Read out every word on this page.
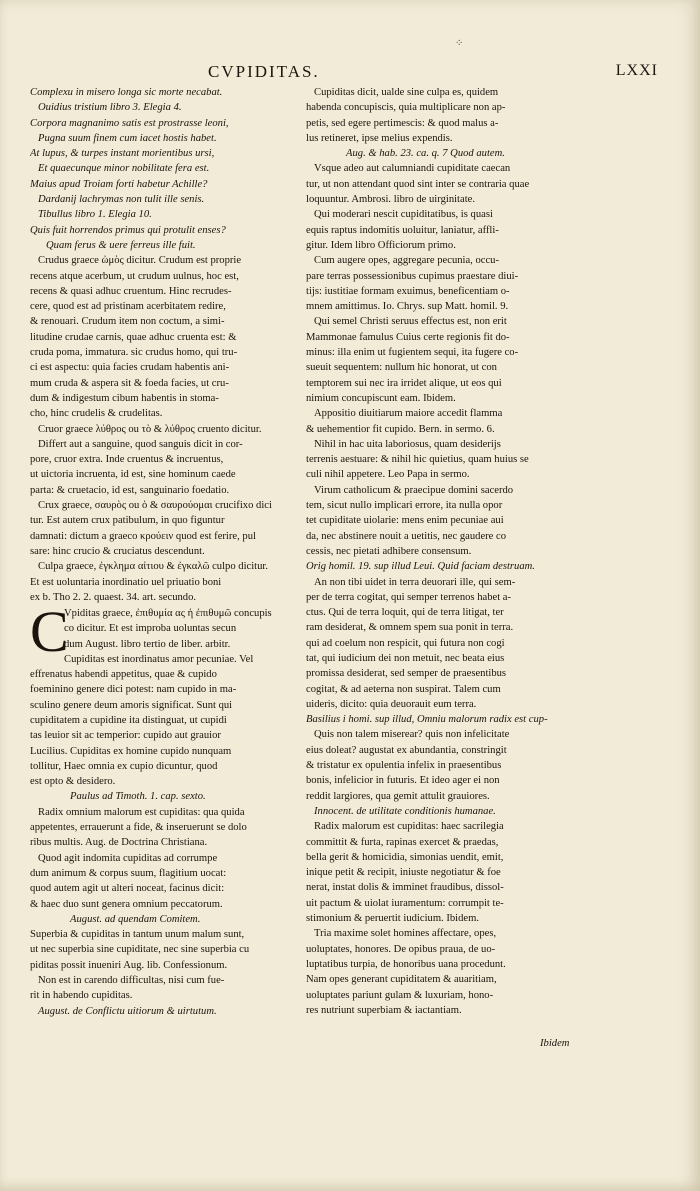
⁘
CVPIDITAS.	LXXI
Complexu in misero longa sic morte necabat.
Ouidius tristium libro 3. Elegia 4.
Corpora magnanimo satis est prostrasse leoni,
Pugna suum finem cum iacet hostis habet.
At lupus, & turpes instant morientibus ursi,
Et quaecunque minor nobilitate fera est.
Maius apud Troiam forti habetur Achille?
Dardanij lachrymas non tulit ille senis.
Tibullus libro 1. Elegia 10.
Quis fuit horrendos primus qui protulit enses?
Quam ferus & uere ferreus ille fuit.
Crudus graece ὠμὸς dicitur. Crudum est proprie
recens atque acerbum, ut crudum uulnus, hoc est,
recens & quasi adhuc cruentum. Hinc recrudes-
cere, quod est ad pristinam acerbitatem redire,
& renouari. Crudum item non coctum, a simi-
litudine crudae carnis, quae adhuc cruenta est: &
cruda poma, immatura. sic crudus homo, qui tru-
ci est aspectu: quia facies crudam habentis ani-
mum cruda & aspera sit & foeda facies, ut cru-
dum & indigestum cibum habentis in stoma-
cho, hinc crudelis & crudelitas.
Cruor graece λύθρος ou τὸ & λύθρος cruento dicitur.
Differt aut a sanguine, quod sanguis dicit in cor-
pore, cruor extra. Inde cruentus & incruentus,
ut uictoria incruenta, id est, sine hominum caede
parta: & cruetacio, id est, sanguinario foedatio.
Crux graece, σαυρὸς ou ὁ & σαυρούομαι crucifixo dici
tur. Est autem crux patibulum, in quo figuntur
damnati: dictum a graeco κρούειν quod est ferire, pul
sare: hinc crucio & cruciatus descendunt.
Culpa graece, ἐγκλημα αἰτιου & ἐγκαλῶ culpo dicitur.
Et est uoluntaria inordinatio uel priuatio boni
ex b. Tho 2. 2. quaest. 34. art. secundo.
C
Vpiditas graece, ἐπιθυμία ας ἡ ἐπιθυμῶ concupis
co dicitur. Et est improba uoluntas secun
dum August. libro tertio de liber. arbitr.
Cupiditas est inordinatus amor pecuniae. Vel
effrenatus habendi appetitus, quae & cupido
foeminino genere dici potest: nam cupido in ma-
sculino genere deum amoris significat. Sunt qui
cupiditatem a cupidine ita distinguat, ut cupidi
tas leuior sit ac temperior: cupido aut grauior
Lucilius. Cupiditas ex homine cupido nunquam
tollitur, Haec omnia ex cupio dicuntur, quod
est opto & desidero.
Paulus ad Timoth. 1. cap. sexto.
Radix omnium malorum est cupiditas: qua quida
appetentes, errauerunt a fide, & inseruerunt se dolo
ribus multis. Aug. de Doctrina Christiana.
Quod agit indomita cupiditas ad corrumpe
dum animum & corpus suum, flagitium uocat:
quod autem agit ut alteri noceat, facinus dicit:
& haec duo sunt genera omnium peccatorum.
August. ad quendam Comitem.
Superbia & cupiditas in tantum unum malum sunt,
ut nec superbia sine cupiditate, nec sine superbia cu
piditas possit inueniri Aug. lib. Confessionum.
Non est in carendo difficultas, nisi cum fue-
rit in habendo cupiditas.
August. de Conflictu uitiorum & uirtutum.
Cupiditas dicit, ualde sine culpa es, quidem
habenda concupiscis, quia multiplicare non ap-
petis, sed egere pertimescis: & quod malus a-
lus retineret, ipse melius expendis.
Aug. & hab. 23. ca. q. 7 Quod autem.
Vsque adeo aut calumniandi cupiditate caecan
tur, ut non attendant quod sint inter se contraria quae
loquuntur. Ambrosi. libro de uirginitate.
Qui moderari nescit cupiditatibus, is quasi
equis raptus indomitis uoluitur, laniatur, affli-
gitur. Idem libro Officiorum primo.
Cum augere opes, aggregare pecunia, occu-
pare terras possessionibus cupimus praestare diui-
tijs: iustitiae formam exuimus, beneficentiam o-
mnem amittimus. Io. Chrys. sup Matt. homil. 9.
Qui semel Christi seruus effectus est, non erit
Mammonae famulus Cuius certe regionis fit do-
minus: illa enim ut fugientem sequi, ita fugere co-
sueuit sequentem: nullum hic honorat, ut con
temptorem sui nec ira irridet alique, ut eos qui
nimium concupiscunt eam. Ibidem.
Appositio diuitiarum maiore accedit flamma
& uehementior fit cupido. Bern. in sermo. 6.
Nihil in hac uita laboriosus, quam desiderijs
terrenis aestuare: & nihil hic quietius, quam huius se
culi nihil appetere. Leo Papa in sermo.
Virum catholicum & praecipue domini sacerdo
tem, sicut nullo implicari errore, ita nulla opor
tet cupiditate uiolarie: mens enim pecuniae aui
da, nec abstinere nouit a uetitis, nec gaudere co
cessis, nec pietati adhibere consensum.
Orig homil. 19. sup illud Leui. Quid faciam destruam.
An non tibi uidet in terra deuorari ille, qui sem-
per de terra cogitat, qui semper terrenos habet a-
ctus. Qui de terra loquit, qui de terra litigat, ter
ram desiderat, & omnem spem sua ponit in terra.
qui ad coelum non respicit, qui futura non cogi
tat, qui iudicium dei non metuit, nec beata eius
promissa desiderat, sed semper de praesentibus
cogitat, & ad aeterna non suspirat. Talem cum
uideris, dicito: quia deuorauit eum terra.
Basilius i homi. sup illud, Omniu malorum radix est cup-
Quis non talem miserear? quis non infelicitate
eius doleat? augustat ex abundantia, constringit
& tristatur ex opulentia infelix in praesentibus
bonis, infelicior in futuris. Et ideo ager ei non
reddit largiores, qua gemit attulit grauiores.
Innocent. de utilitate conditionis humanae.
Radix malorum est cupiditas: haec sacrilegia
committit & furta, rapinas exercet & praedas,
bella gerit & homicidia, simonias uendit, emit,
inique petit & recipit, iniuste negotiatur & foe
nerat, instat dolis & imminet fraudibus, dissol-
uit pactum & uiolat iuramentum: corrumpit te-
stimonium & peruertit iudicium. Ibidem.
Tria maxime solet homines affectare, opes,
uoluptates, honores. De opibus praua, de uo-
luptatibus turpia, de honoribus uana procedunt.
Nam opes generant cupiditatem & auaritiam,
uoluptates pariunt gulam & luxuriam, hono-
res nutriunt superbiam & iactantiam.
Ibidem
